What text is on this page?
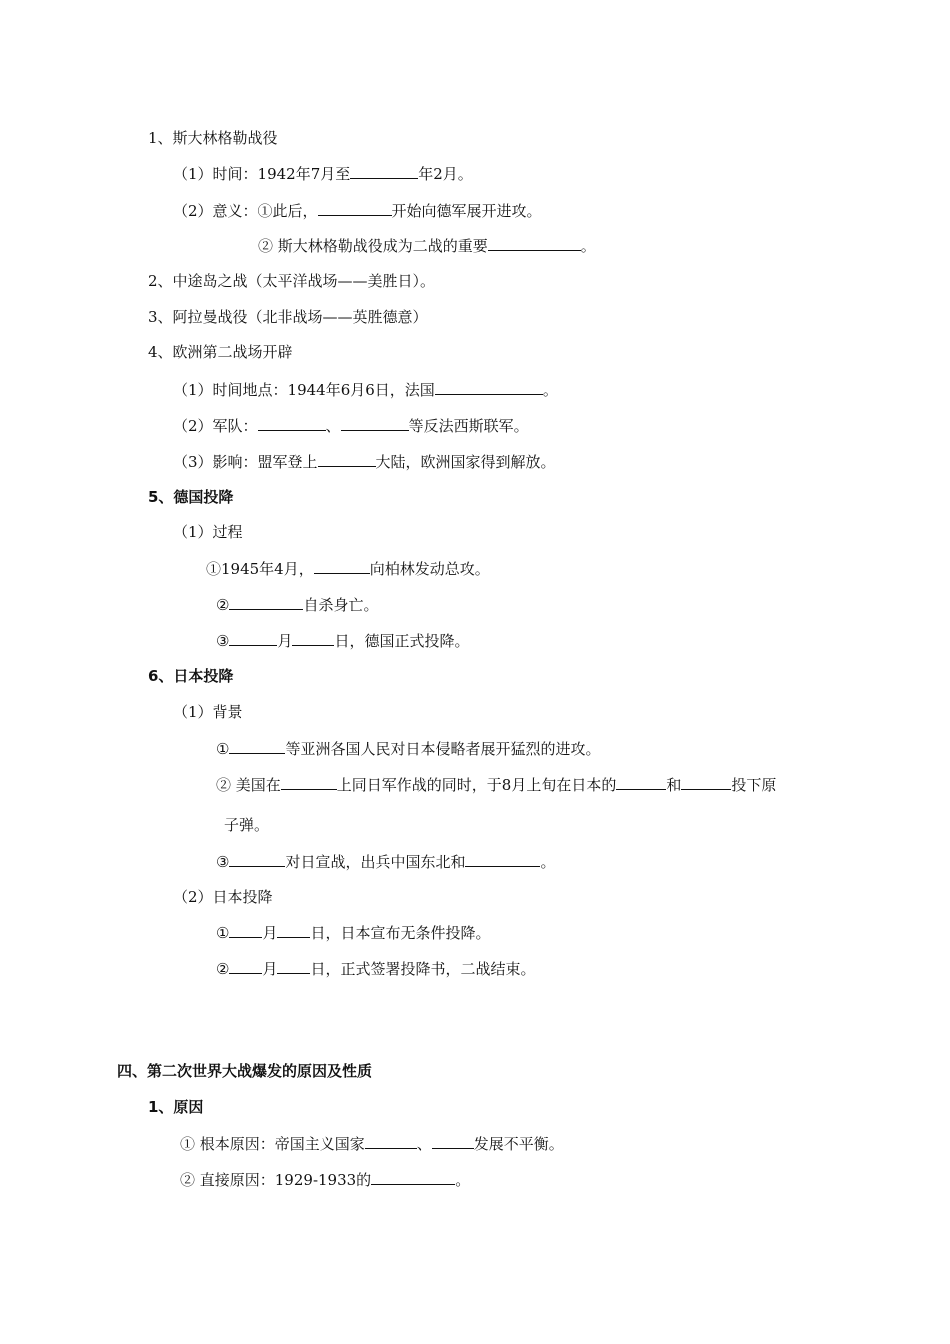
1、斯大林格勒战役
（1）时间：1942年7月至	年2月。
（2）意义：①此后，	开始向德军展开进攻。
② 斯大林格勒战役成为二战的重要	。
2、中途岛之战（太平洋战场——美胜日）。
3、阿拉曼战役（北非战场——英胜德意）
4、欧洲第二战场开辟
（1）时间地点：1944年6月6日，法国	。
（2）军队：	、	等反法西斯联军。
（3）影响：盟军登上	大陆，欧洲国家得到解放。
5、德国投降
（1）过程
①1945年4月，	向柏林发动总攻。
②	自杀身亡。
③	月	日，德国正式投降。
6、日本投降
（1）背景
①	等亚洲各国人民对日本侵略者展开猛烈的进攻。
② 美国在	上同日军作战的同时，于8月上旬在日本的	和	投下原
子弹。
③	对日宣战，出兵中国东北和	。
（2）日本投降
① 月 日，日本宣布无条件投降。
② 月 日，正式签署投降书，二战结束。
四、第二次世界大战爆发的原因及性质
1、原因
① 根本原因：帝国主义国家	、	发展不平衡。
② 直接原因：1929-1933的	。
